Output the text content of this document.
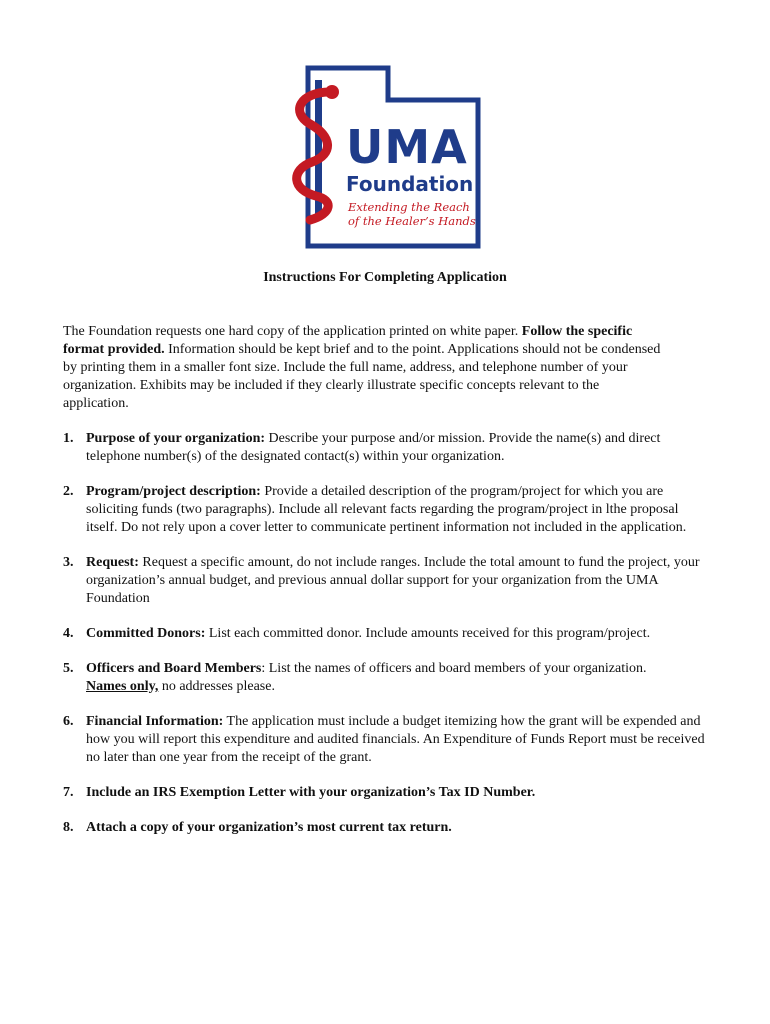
UMA
Foundation
Extending the Reach
of the Healer’s Hands
Instructions For Completing Application

The Foundation requests one hard copy of the application printed on white paper. Follow the specific format provided. Information should be kept brief and to the point. Applications should not be condensed by printing them in a smaller font size. Include the full name, address, and telephone number of your organization. Exhibits may be included if they clearly illustrate specific concepts relevant to the application.

1. Purpose of your organization: Describe your purpose and/or mission. Provide the name(s) and direct telephone number(s) of the designated contact(s) within your organization.
2. Program/project description: Provide a detailed description of the program/project for which you are soliciting funds (two paragraphs). Include all relevant facts regarding the program/project in lthe proposal itself. Do not rely upon a cover letter to communicate pertinent information not included in the application.
3. Request: Request a specific amount, do not include ranges. Include the total amount to fund the project, your organization’s annual budget, and previous annual dollar support for your organization from the UMA Foundation
4. Committed Donors: List each committed donor. Include amounts received for this program/project.
5. Officers and Board Members: List the names of officers and board members of your organization.
Names only, no addresses please.
6. Financial Information: The application must include a budget itemizing how the grant will be expended and how you will report this expenditure and audited financials. An Expenditure of Funds Report must be received no later than one year from the receipt of the grant.
7. Include an IRS Exemption Letter with your organization’s Tax ID Number.
8. Attach a copy of your organization’s most current tax return.
